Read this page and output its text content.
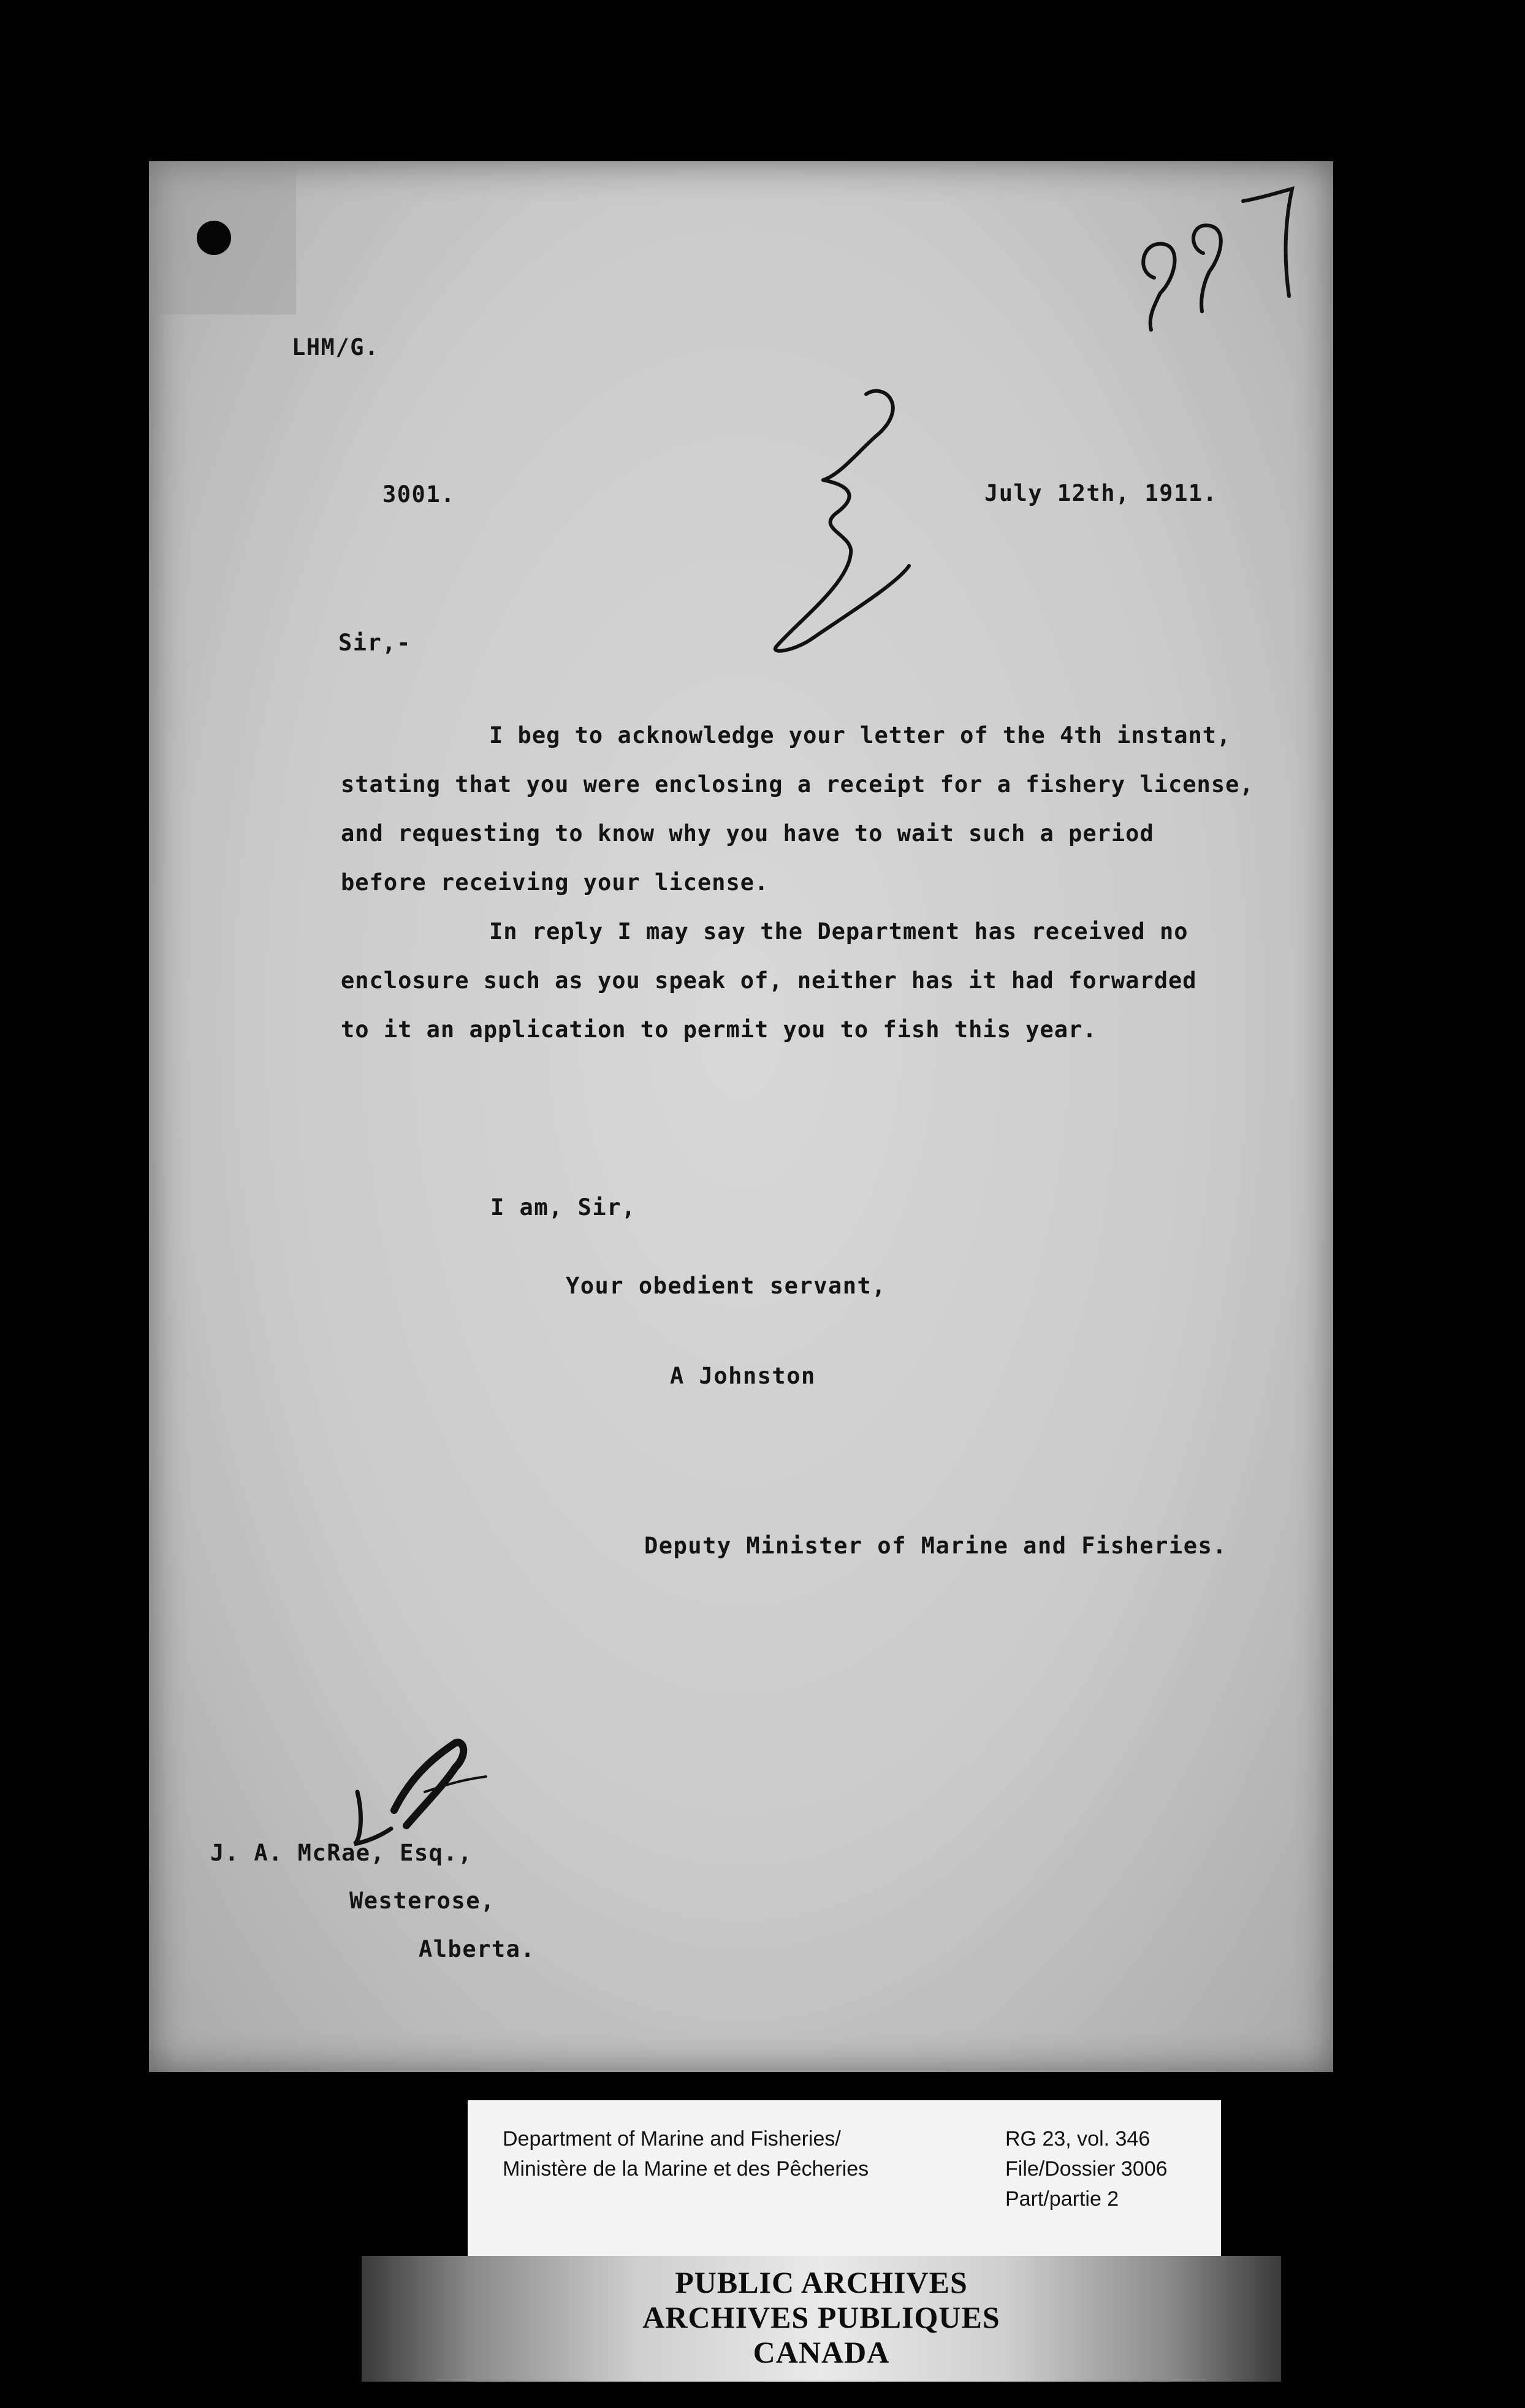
LHM/G.
3001.	July 12th, 1911.
Sir,-
I beg to acknowledge your letter of the 4th instant,
stating that you were enclosing a receipt for a fishery license,
and requesting to know why you have to wait such a period
before receiving your license.
In reply I may say the Department has received no
enclosure such as you speak of, neither has it had forwarded
to it an application to permit you to fish this year.
I am, Sir,
Your obedient servant,
A Johnston
Deputy Minister of Marine and Fisheries.
J. A. McRae, Esq.,
Westerose,
Alberta.
Department of Marine and Fisheries/
Ministère de la Marine et des Pêcheries
RG 23, vol. 346
File/Dossier 3006
Part/partie 2
PUBLIC ARCHIVES
ARCHIVES PUBLIQUES
CANADA
